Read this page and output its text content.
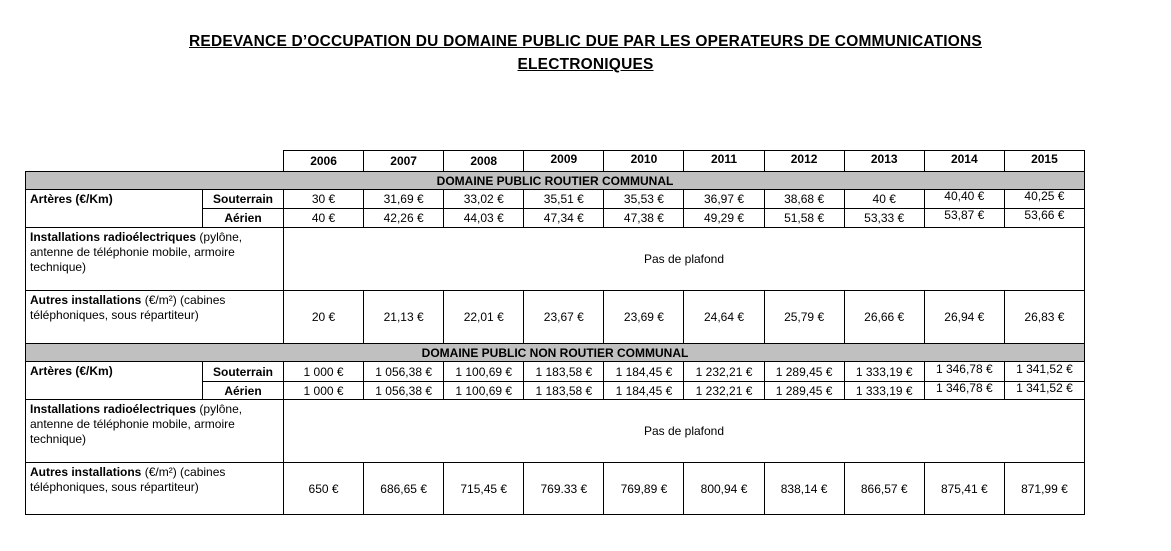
REDEVANCE D’OCCUPATION DU DOMAINE PUBLIC DUE PAR LES OPERATEURS DE COMMUNICATIONS
ELECTRONIQUES
		2006	2007	2008	2009	2010	2011	2012	2013	2014	2015
DOMAINE PUBLIC ROUTIER COMMUNAL											
Artères (€/Km)	Souterrain	30 €	31,69 €	33,02 €	35,51 €	35,53 €	36,97 €	38,68 €	40 €	40,40 €	40,25 €
	Aérien	40 €	42,26 €	44,03 €	47,34 €	47,38 €	49,29 €	51,58 €	53,33 €	53,87 €	53,66 €
Installations radioélectriques (pylône, antenne de téléphonie mobile, armoire technique)		Pas de plafond									
Autres installations (€/m²) (cabines téléphoniques, sous répartiteur)		20 €	21,13 €	22,01 €	23,67 €	23,69 €	24,64 €	25,79 €	26,66 €	26,94 €	26,83 €
DOMAINE PUBLIC NON ROUTIER COMMUNAL											
Artères (€/Km)	Souterrain	1 000 €	1 056,38 €	1 100,69 €	1 183,58 €	1 184,45 €	1 232,21 €	1 289,45 €	1 333,19 €	1 346,78 €	1 341,52 €
	Aérien	1 000 €	1 056,38 €	1 100,69 €	1 183,58 €	1 184,45 €	1 232,21 €	1 289,45 €	1 333,19 €	1 346,78 €	1 341,52 €
Installations radioélectriques (pylône, antenne de téléphonie mobile, armoire technique)		Pas de plafond									
Autres installations (€/m²) (cabines téléphoniques, sous répartiteur)		650 €	686,65 €	715,45 €	769.33 €	769,89 €	800,94 €	838,14 €	866,57 €	875,41 €	871,99 €
